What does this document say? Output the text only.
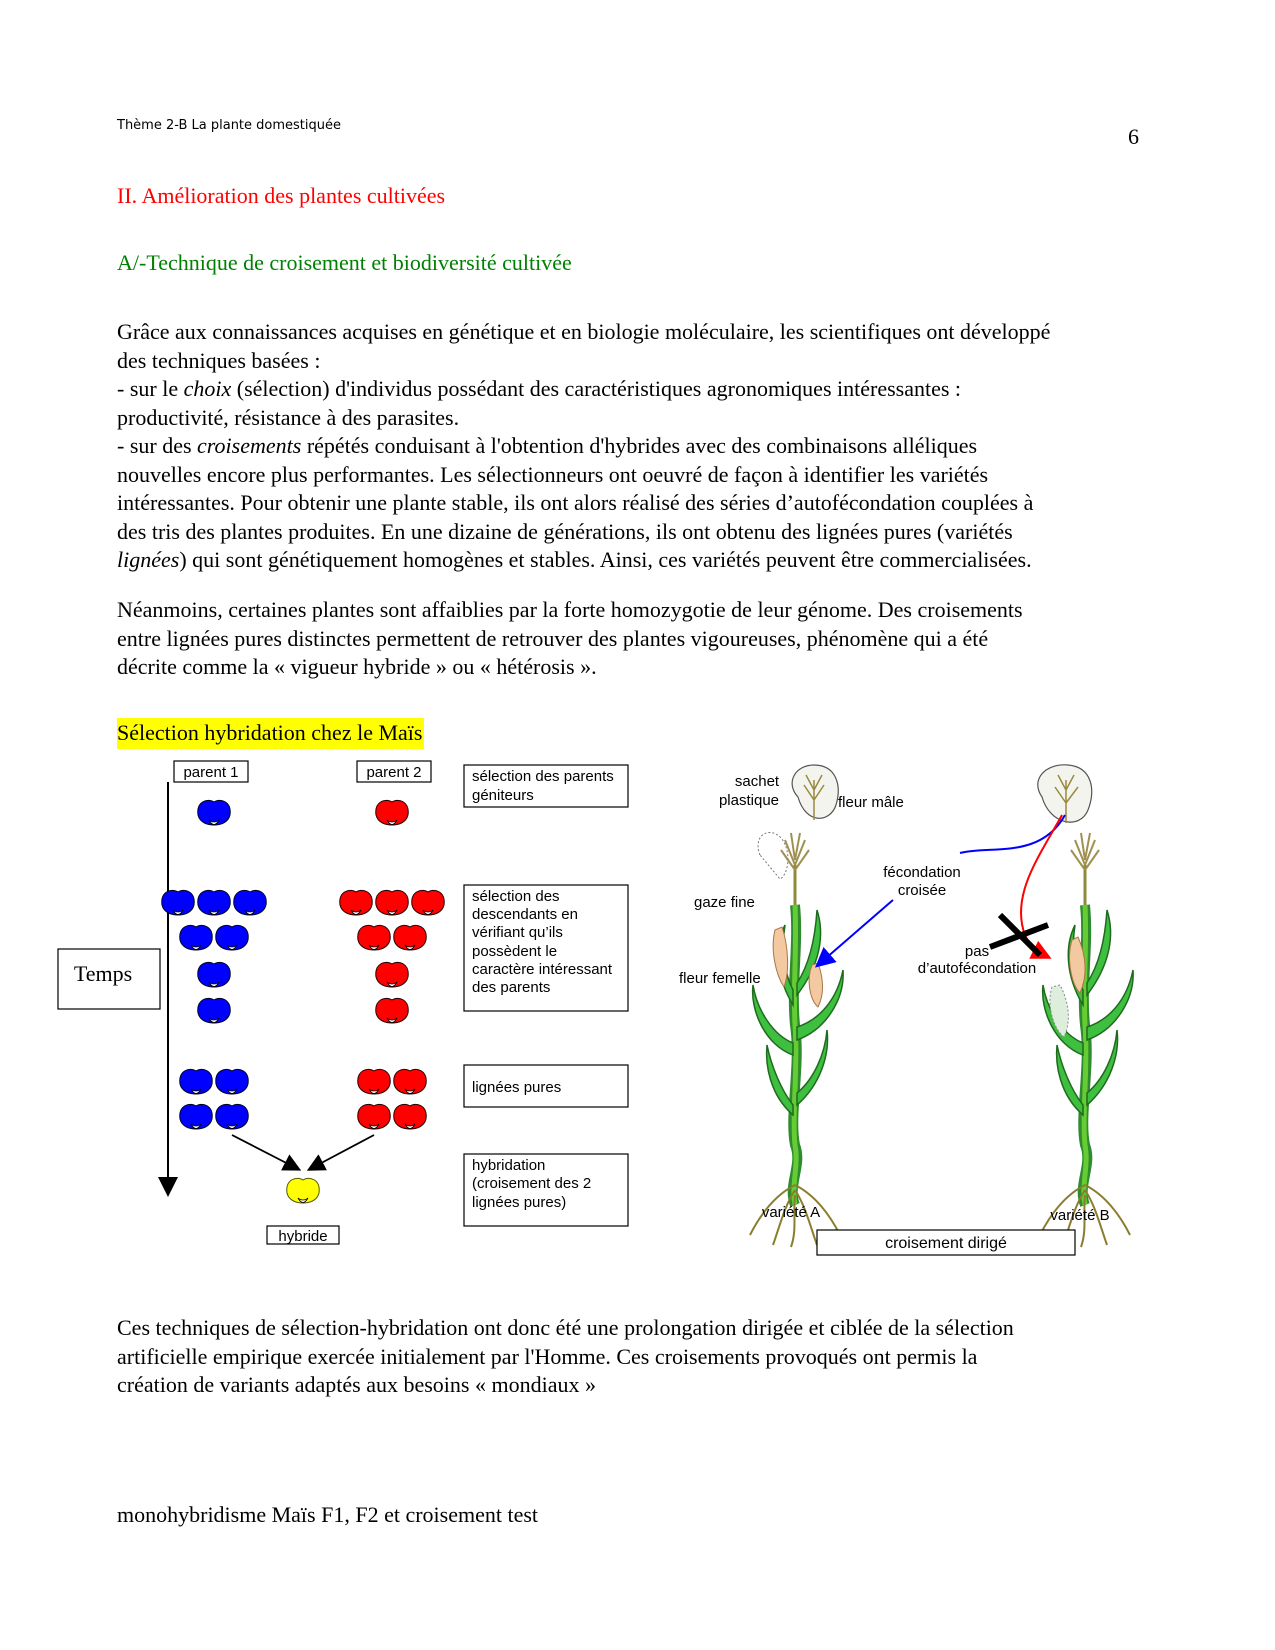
Thème 2-B La plante domestiquée	6
II. Amélioration des plantes cultivées
A/-Technique de croisement et biodiversité cultivée

Grâce aux connaissances acquises en génétique et en biologie moléculaire, les scientifiques ont développé
des techniques basées :
- sur le choix (sélection) d'individus possédant des caractéristiques agronomiques intéressantes :
productivité, résistance à des parasites.
- sur des croisements répétés conduisant à l'obtention d'hybrides avec des combinaisons alléliques
nouvelles encore plus performantes. Les sélectionneurs ont oeuvré de façon à identifier les variétés
intéressantes. Pour obtenir une plante stable, ils ont alors réalisé des séries d’autofécondation couplées à
des tris des plantes produites. En une dizaine de générations, ils ont obtenu des lignées pures (variétés
lignées) qui sont génétiquement homogènes et stables. Ainsi, ces variétés peuvent être commercialisées.

Néanmoins, certaines plantes sont affaiblies par la forte homozygotie de leur génome. Des croisements
entre lignées pures distinctes permettent de retrouver des plantes vigoureuses, phénomène qui a été
décrite comme la « vigueur hybride » ou « hétérosis ».

Sélection hybridation chez le Maïs
parent 1	parent 2
Temps
hybride
sélection des parents
géniteurs
sélection des
descendants en
vérifiant qu’ils
possèdent le
caractère intéressant
des parents
lignées pures
hybridation
(croisement des 2
lignées pures)
sachet
plastique	fleur mâle
fécondation
croisée
gaze fine
fleur femelle
pas
d’autofécondation
variété A	variété B
croisement dirigé

Ces techniques de sélection-hybridation ont donc été une prolongation dirigée et ciblée de la sélection
artificielle empirique exercée initialement par l'Homme. Ces croisements provoqués ont permis la
création de variants adaptés aux besoins « mondiaux »

monohybridisme Maïs F1, F2 et croisement test
